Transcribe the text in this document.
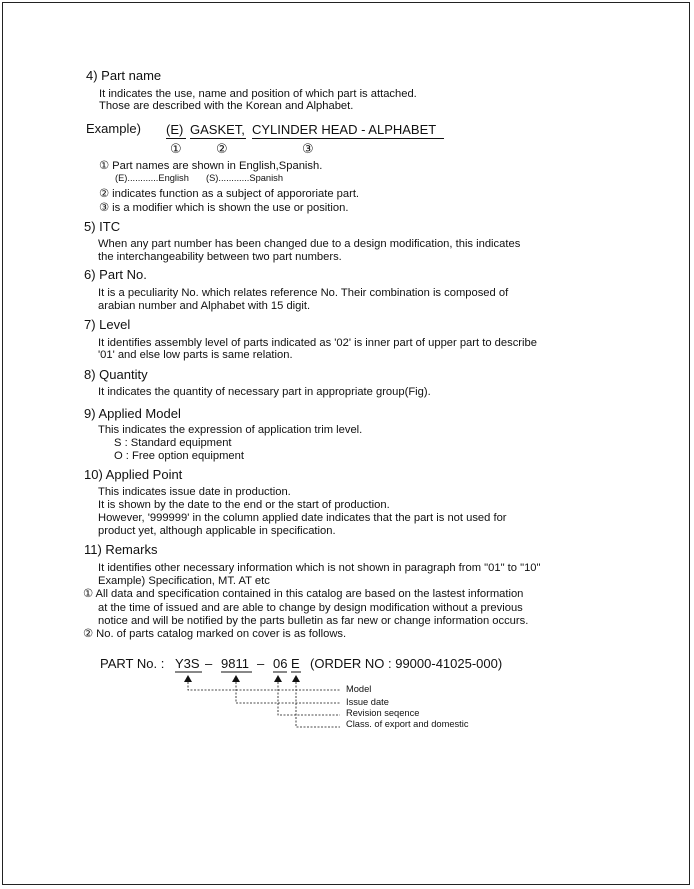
4) Part name
It indicates the use, name and position of which part is attached.
Those are described with the Korean and Alphabet.
Example) (E) GASKET, CYLINDER HEAD - ALPHABET
①	②	③
① Part names are shown in English,Spanish.
(E)............English (S)............Spanish
② indicates function as a subject of appororiate part.
③ is a modifier which is shown the use or position.
5) ITC
When any part number has been changed due to a design modification, this indicates
the interchangeability between two part numbers.
6) Part No.
It is a peculiarity No. which relates reference No. Their combination is composed of
arabian number and Alphabet with 15 digit.
7) Level
It identifies assembly level of parts indicated as '02' is inner part of upper part to describe
'01' and else low parts is same relation.
8) Quantity
It indicates the quantity of necessary part in appropriate group(Fig).
9) Applied Model
This indicates the expression of application trim level.
S : Standard equipment
O : Free option equipment
10) Applied Point
This indicates issue date in production.
It is shown by the date to the end or the start of production.
However, '999999' in the column applied date indicates that the part is not used for
product yet, although applicable in specification.
11) Remarks
It identifies other necessary information which is not shown in paragraph from "01" to "10"
Example) Specification, MT. AT etc
① All data and specification contained in this catalog are based on the lastest information
at the time of issued and are able to change by design modification without a previous
notice and will be notified by the parts bulletin as far new or change information occurs.
② No. of parts catalog marked on cover is as follows.
PART No. : Y3S – 9811 – 06 E (ORDER NO : 99000-41025-000)
Model
Issue date
Revision seqence
Class. of export and domestic
